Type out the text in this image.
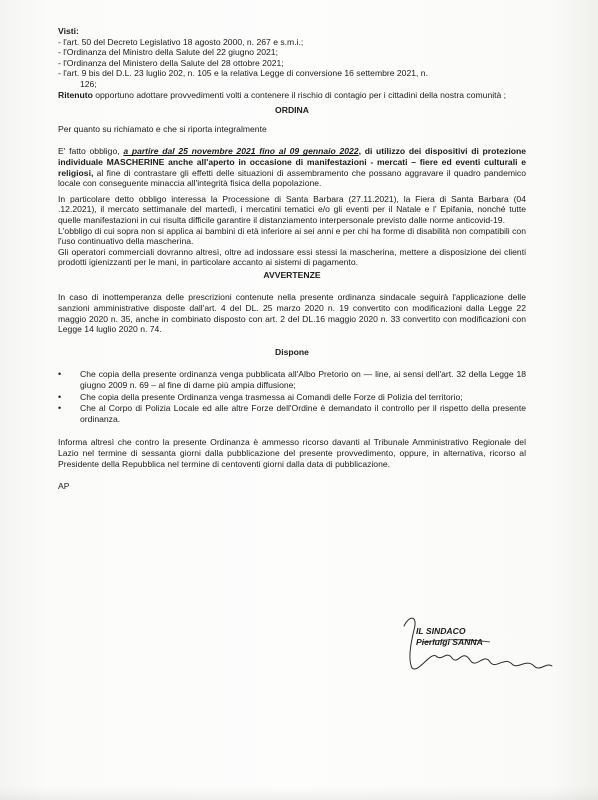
Visti:

- l'art. 50 del Decreto Legislativo 18 agosto 2000, n. 267 e s.m.i.;

- l'Ordinanza del Ministro della Salute del 22 giugno 2021;

- l'Ordinanza del Ministero della Salute del 28 ottobre 2021;

- l'art. 9 bis del D.L. 23 luglio 202, n. 105 e la relativa Legge di conversione 16 settembre 2021, n.

126;

Ritenuto opportuno adottare provvedimenti volti a contenere il rischio di contagio per i cittadini della nostra comunità ;

ORDINA

Per quanto su richiamato e che si riporta integralmente

E' fatto obbligo, a partire dal 25 novembre 2021 fino al 09 gennaio 2022, di utilizzo dei dispositivi di protezione individuale MASCHERINE anche all'aperto in occasione di manifestazioni - mercati – fiere ed eventi culturali e religiosi, al fine di contrastare gli effetti delle situazioni di assembramento che possano aggravare il quadro pandemico locale con conseguente minaccia all'integrità fisica della popolazione.

In particolare detto obbligo interessa la Processione di Santa Barbara (27.11.2021), la Fiera di Santa Barbara (04 .12.2021), il mercato settimanale del martedì, i mercatini tematici e/o gli eventi per il Natale e l' Epifania, nonché tutte quelle manifestazioni in cui risulta difficile garantire il distanziamento interpersonale previsto dalle norme anticovid-19.

L'obbligo di cui sopra non si applica ai bambini di età inferiore ai sei anni e per chi ha forme di disabilità non compatibili con l'uso continuativo della mascherina.

Gli operatori commerciali dovranno altresì, oltre ad indossare essi stessi la mascherina, mettere a disposizione dei clienti prodotti igienizzanti per le mani, in particolare accanto ai sistemi di pagamento.

AVVERTENZE

In caso di inottemperanza delle prescrizioni contenute nella presente ordinanza sindacale seguirà l'applicazione delle sanzioni amministrative disposte dall'art. 4 del DL. 25 marzo 2020 n. 19 convertito con modificazioni dalla Legge 22 maggio 2020 n. 35, anche in combinato disposto con art. 2 del DL.16 maggio 2020 n. 33 convertito con modificazioni con Legge 14 luglio 2020 n. 74.

Dispone

• Che copia della presente ordinanza venga pubblicata all'Albo Pretorio on — line, ai sensi dell'art. 32 della Legge 18 giugno 2009 n. 69 – al fine di darne più ampia diffusione;
• Che copia della presente Ordinanza venga trasmessa ai Comandi delle Forze di Polizia del territorio;
• Che al Corpo di Polizia Locale ed alle altre Forze dell'Ordine è demandato il controllo per il rispetto della presente ordinanza.

Informa altresì che contro la presente Ordinanza è ammesso ricorso davanti al Tribunale Amministrativo Regionale del Lazio nel termine di sessanta giorni dalla pubblicazione del presente provvedimento, oppure, in alternativa, ricorso al Presidente della Repubblica nel termine di centoventi giorni dalla data di pubblicazione.

AP

IL SINDACO
Pierluigi SANNA
